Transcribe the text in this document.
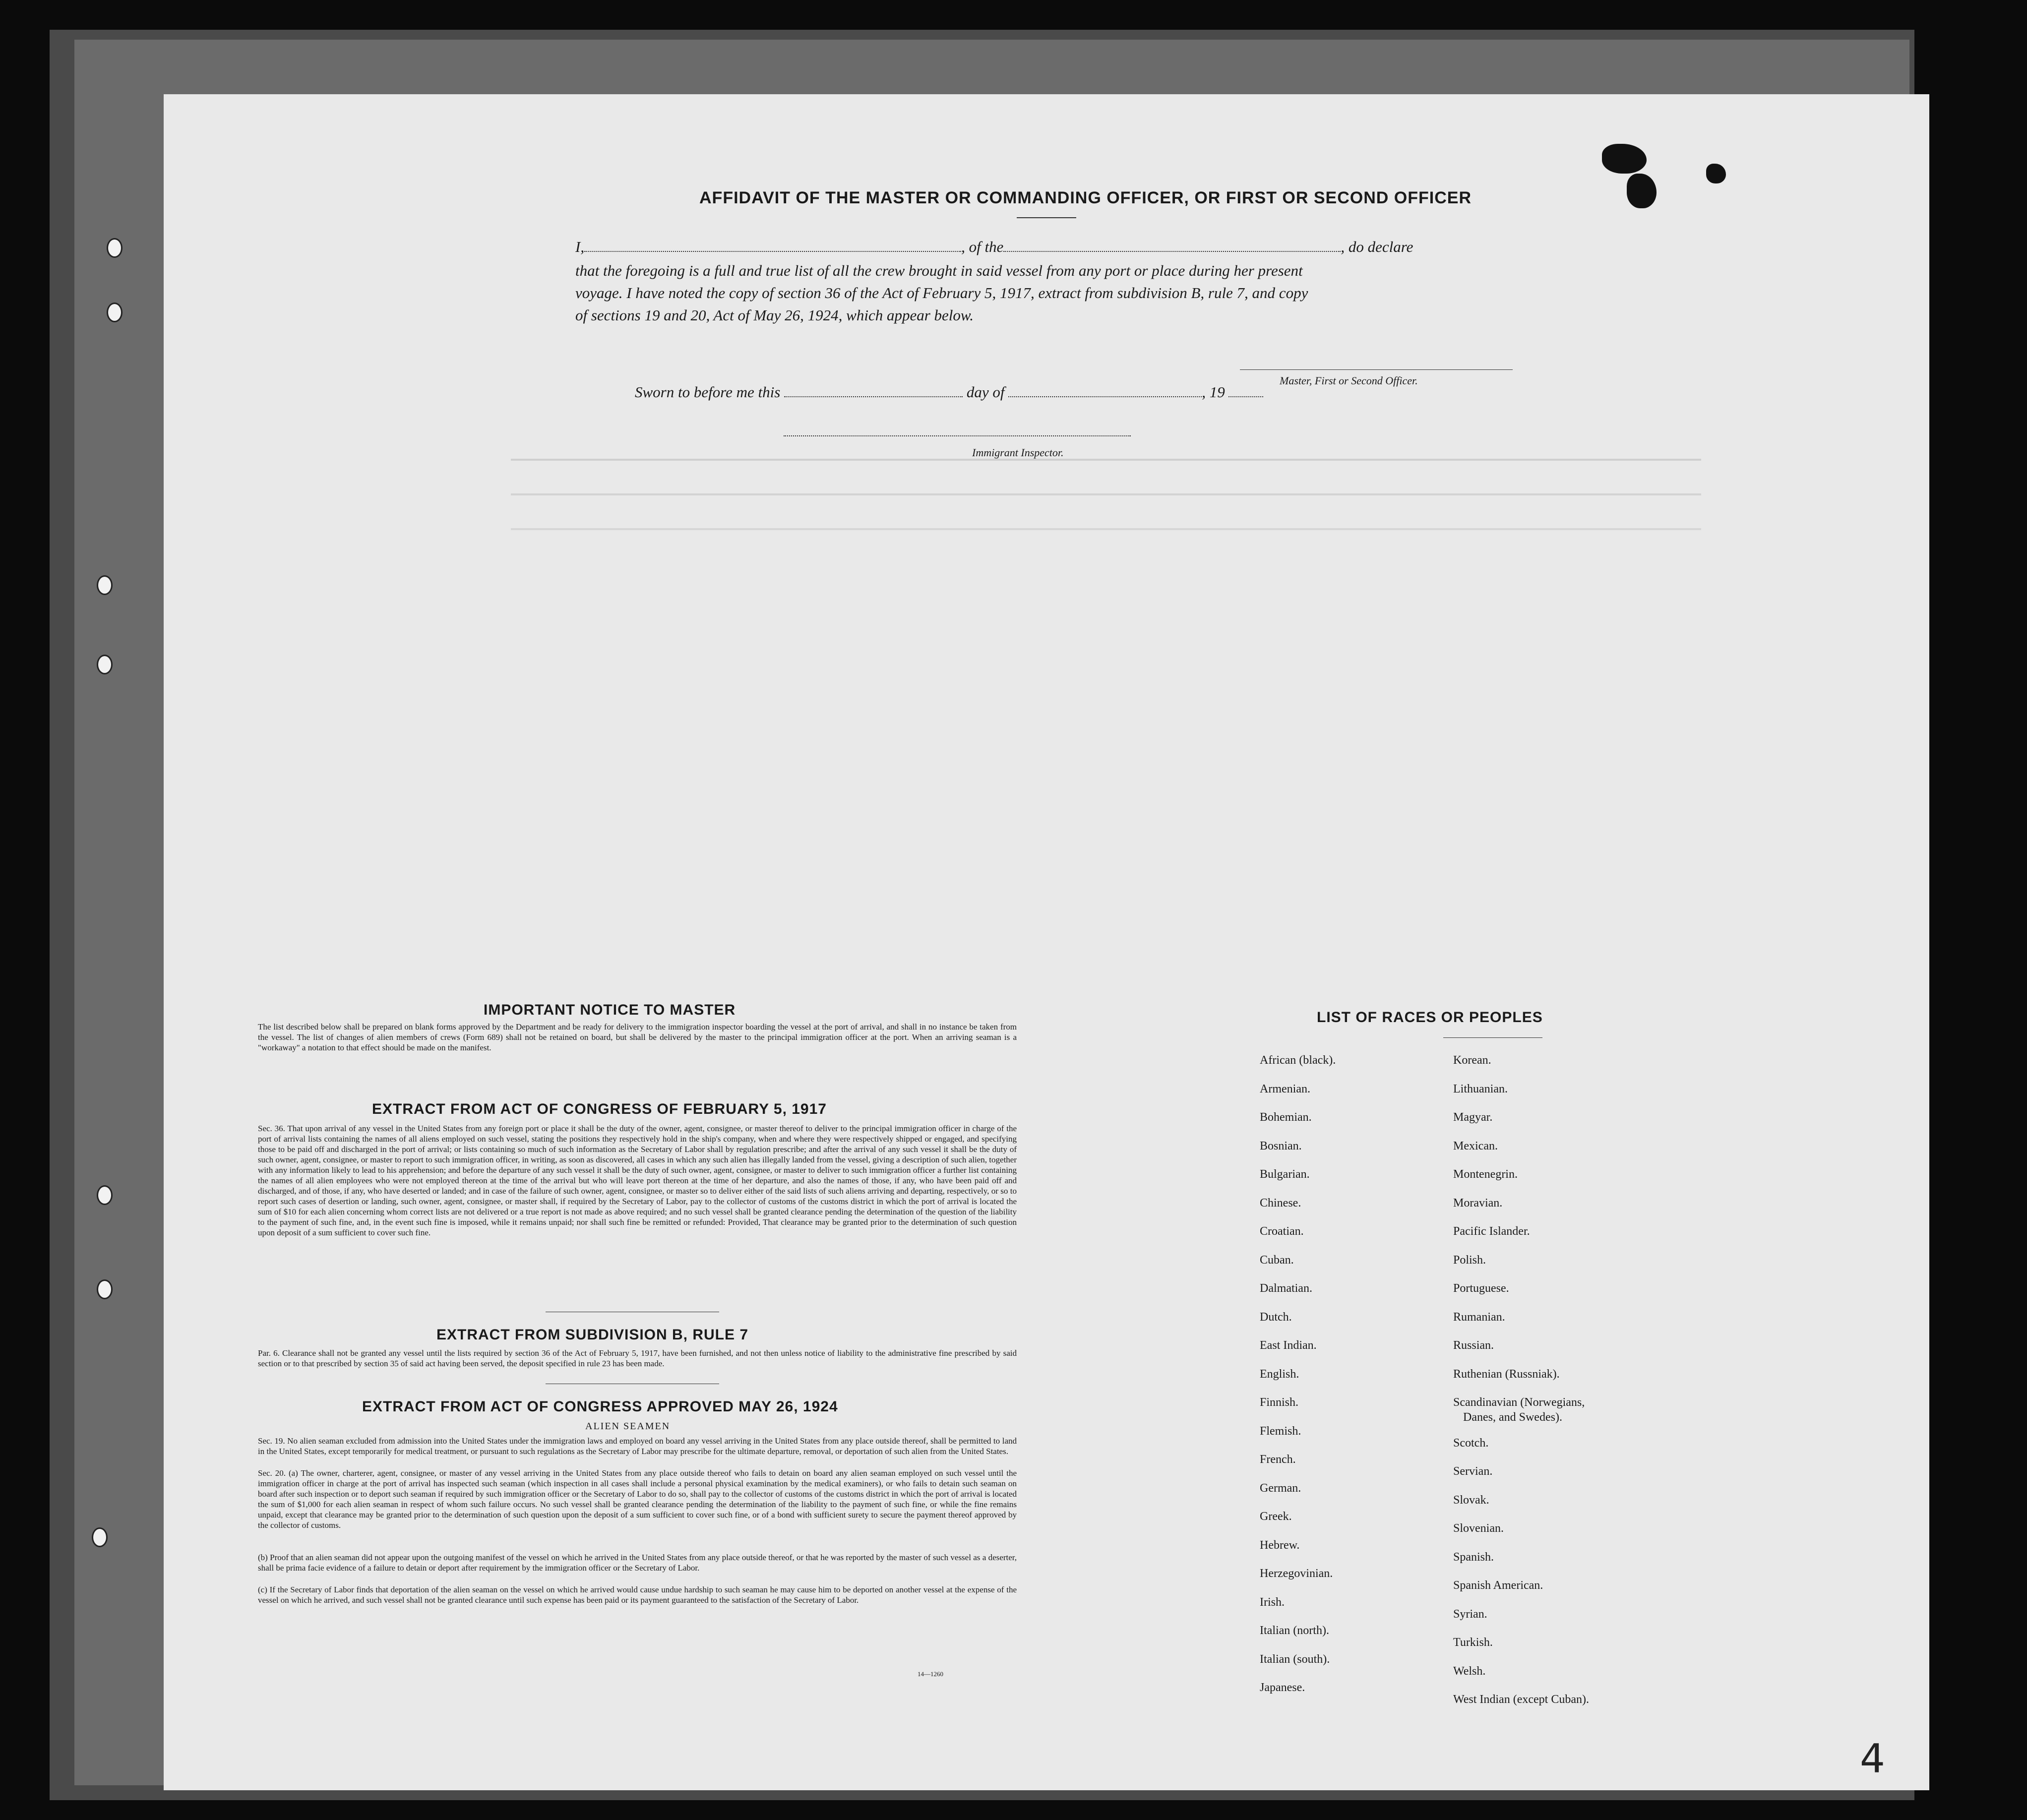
AFFIDAVIT OF THE MASTER OR COMMANDING OFFICER, OR FIRST OR SECOND OFFICER
I,	, of the	, do declare
that the foregoing is a full and true list of all the crew brought in said vessel from any port or place during her present
voyage. I have noted the copy of section 36 of the Act of February 5, 1917, extract from subdivision B, rule 7, and copy
of sections 19 and 20, Act of May 26, 1924, which appear below.
Master, First or Second Officer.
Sworn to before me this	day of	, 19
Immigrant Inspector.
IMPORTANT NOTICE TO MASTER
The list described below shall be prepared on blank forms approved by the Department and be ready for delivery to the immigration inspector boarding the vessel at the port of arrival, and shall in no instance be taken from the vessel. The list of changes of alien members of crews (Form 689) shall not be retained on board, but shall be delivered by the master to the principal immigration officer at the port. When an arriving seaman is a "workaway" a notation to that effect should be made on the manifest.
EXTRACT FROM ACT OF CONGRESS OF FEBRUARY 5, 1917
Sec. 36. That upon arrival of any vessel in the United States from any foreign port or place it shall be the duty of the owner, agent, consignee, or master thereof to deliver to the principal immigration officer in charge of the port of arrival lists containing the names of all aliens employed on such vessel, stating the positions they respectively hold in the ship's company, when and where they were respectively shipped or engaged, and specifying those to be paid off and discharged in the port of arrival; or lists containing so much of such information as the Secretary of Labor shall by regulation prescribe; and after the arrival of any such vessel it shall be the duty of such owner, agent, consignee, or master to report to such immigration officer, in writing, as soon as discovered, all cases in which any such alien has illegally landed from the vessel, giving a description of such alien, together with any information likely to lead to his apprehension; and before the departure of any such vessel it shall be the duty of such owner, agent, consignee, or master to deliver to such immigration officer a further list containing the names of all alien employees who were not employed thereon at the time of the arrival but who will leave port thereon at the time of her departure, and also the names of those, if any, who have been paid off and discharged, and of those, if any, who have deserted or landed; and in case of the failure of such owner, agent, consignee, or master so to deliver either of the said lists of such aliens arriving and departing, respectively, or so to report such cases of desertion or landing, such owner, agent, consignee, or master shall, if required by the Secretary of Labor, pay to the collector of customs of the customs district in which the port of arrival is located the sum of $10 for each alien concerning whom correct lists are not delivered or a true report is not made as above required; and no such vessel shall be granted clearance pending the determination of the question of the liability to the payment of such fine, and, in the event such fine is imposed, while it remains unpaid; nor shall such fine be remitted or refunded: Provided, That clearance may be granted prior to the determination of such question upon deposit of a sum sufficient to cover such fine.
EXTRACT FROM SUBDIVISION B, RULE 7
Par. 6. Clearance shall not be granted any vessel until the lists required by section 36 of the Act of February 5, 1917, have been furnished, and not then unless notice of liability to the administrative fine prescribed by said section or to that prescribed by section 35 of said act having been served, the deposit specified in rule 23 has been made.
EXTRACT FROM ACT OF CONGRESS APPROVED MAY 26, 1924
ALIEN SEAMEN
Sec. 19. No alien seaman excluded from admission into the United States under the immigration laws and employed on board any vessel arriving in the United States from any place outside thereof, shall be permitted to land in the United States, except temporarily for medical treatment, or pursuant to such regulations as the Secretary of Labor may prescribe for the ultimate departure, removal, or deportation of such alien from the United States.
Sec. 20. (a) The owner, charterer, agent, consignee, or master of any vessel arriving in the United States from any place outside thereof who fails to detain on board any alien seaman employed on such vessel until the immigration officer in charge at the port of arrival has inspected such seaman (which inspection in all cases shall include a personal physical examination by the medical examiners), or who fails to detain such seaman on board after such inspection or to deport such seaman if required by such immigration officer or the Secretary of Labor to do so, shall pay to the collector of customs of the customs district in which the port of arrival is located the sum of $1,000 for each alien seaman in respect of whom such failure occurs. No such vessel shall be granted clearance pending the determination of the liability to the payment of such fine, or while the fine remains unpaid, except that clearance may be granted prior to the determination of such question upon the deposit of a sum sufficient to cover such fine, or of a bond with sufficient surety to secure the payment thereof approved by the collector of customs.
(b) Proof that an alien seaman did not appear upon the outgoing manifest of the vessel on which he arrived in the United States from any place outside thereof, or that he was reported by the master of such vessel as a deserter, shall be prima facie evidence of a failure to detain or deport after requirement by the immigration officer or the Secretary of Labor.
(c) If the Secretary of Labor finds that deportation of the alien seaman on the vessel on which he arrived would cause undue hardship to such seaman he may cause him to be deported on another vessel at the expense of the vessel on which he arrived, and such vessel shall not be granted clearance until such expense has been paid or its payment guaranteed to the satisfaction of the Secretary of Labor.
14—1260
LIST OF RACES OR PEOPLES
Danes, and Swedes).
4
African (black).
Armenian.
Bohemian.
Bosnian.
Bulgarian.
Chinese.
Croatian.
Cuban.
Dalmatian.
Dutch.
East Indian.
English.
Finnish.
Flemish.
French.
German.
Greek.
Hebrew.
Herzegovinian.
Irish.
Italian (north).
Italian (south).
Japanese.
Korean.
Lithuanian.
Magyar.
Mexican.
Montenegrin.
Moravian.
Pacific Islander.
Polish.
Portuguese.
Rumanian.
Russian.
Ruthenian (Russniak).
Scandinavian (Norwegians,
Scotch.
Servian.
Slovak.
Slovenian.
Spanish.
Spanish American.
Syrian.
Turkish.
Welsh.
West Indian (except Cuban).
